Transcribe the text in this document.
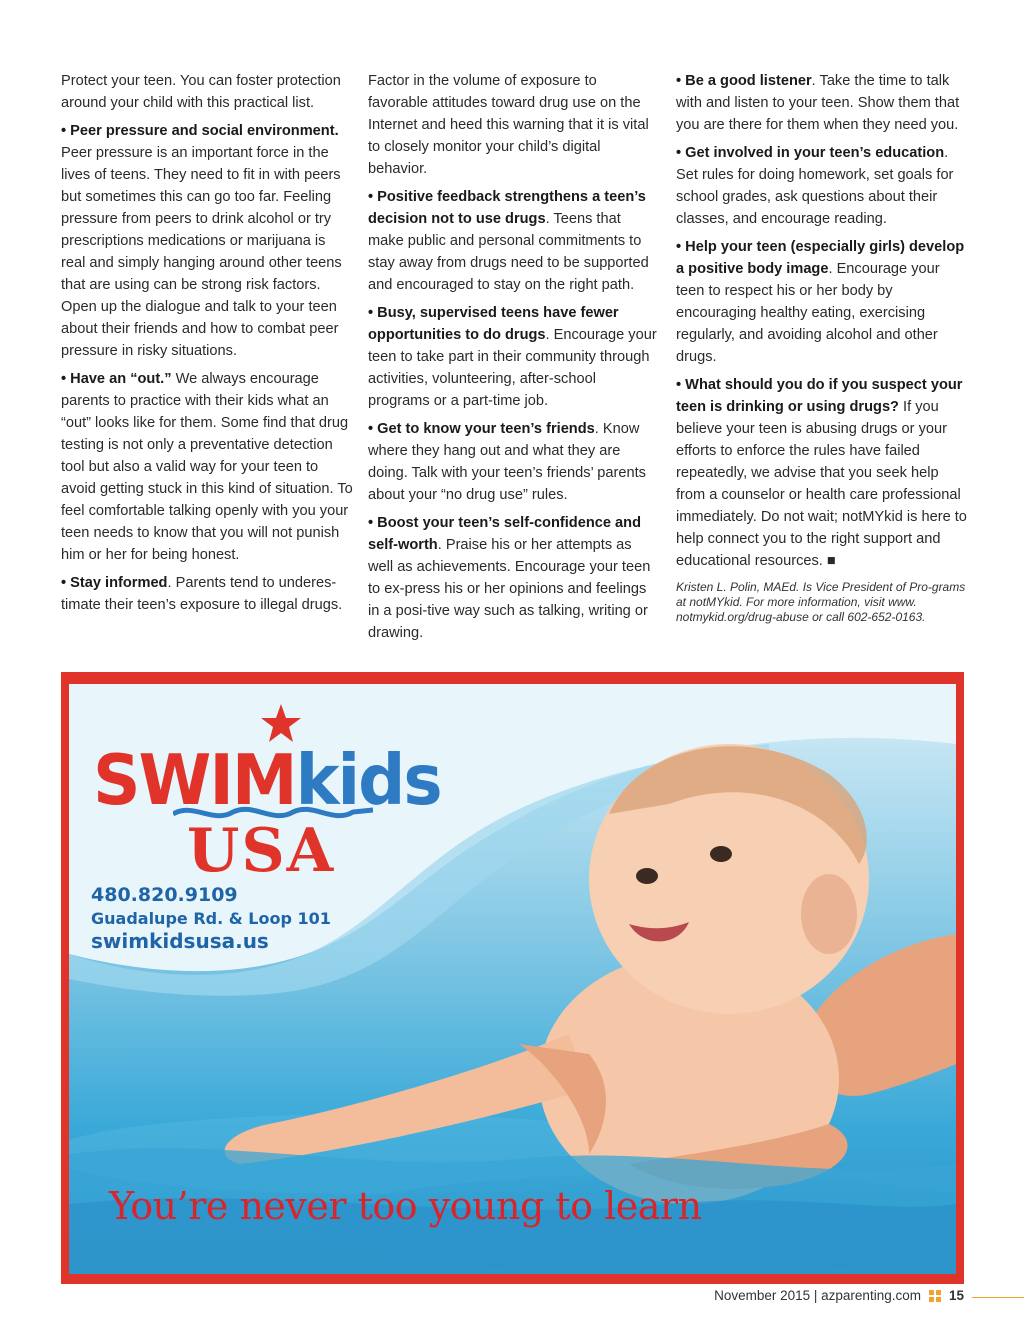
Protect your teen. You can foster protection around your child with this practical list.

• Peer pressure and social environment. Peer pressure is an important force in the lives of teens. They need to fit in with peers but sometimes this can go too far. Feeling pressure from peers to drink alcohol or try prescriptions medications or marijuana is real and simply hanging around other teens that are using can be strong risk factors. Open up the dialogue and talk to your teen about their friends and how to combat peer pressure in risky situations.

• Have an “out.” We always encourage parents to practice with their kids what an “out” looks like for them. Some find that drug testing is not only a preventative detection tool but also a valid way for your teen to avoid getting stuck in this kind of situation. To feel comfortable talking openly with you your teen needs to know that you will not punish him or her for being honest.

• Stay informed. Parents tend to underes-timate their teen’s exposure to illegal drugs.

Factor in the volume of exposure to favorable attitudes toward drug use on the Internet and heed this warning that it is vital to closely monitor your child’s digital behavior.

• Positive feedback strengthens a teen’s decision not to use drugs. Teens that make public and personal commitments to stay away from drugs need to be supported and encouraged to stay on the right path.

• Busy, supervised teens have fewer opportunities to do drugs. Encourage your teen to take part in their community through activities, volunteering, after-school programs or a part-time job.

• Get to know your teen’s friends. Know where they hang out and what they are doing. Talk with your teen’s friends’ parents about your “no drug use” rules.

• Boost your teen’s self-confidence and self-worth. Praise his or her attempts as well as achievements. Encourage your teen to ex-press his or her opinions and feelings in a posi-tive way such as talking, writing or drawing.

• Be a good listener. Take the time to talk with and listen to your teen. Show them that you are there for them when they need you.

• Get involved in your teen’s education. Set rules for doing homework, set goals for school grades, ask questions about their classes, and encourage reading.

• Help your teen (especially girls) develop a positive body image. Encourage your teen to respect his or her body by encouraging healthy eating, exercising regularly, and avoiding alcohol and other drugs.

• What should you do if you suspect your teen is drinking or using drugs? If you believe your teen is abusing drugs or your efforts to enforce the rules have failed repeatedly, we advise that you seek help from a counselor or health care professional immediately. Do not wait; notMYkid is here to help connect you to the right support and educational resources. ■

Kristen L. Polin, MAEd. Is Vice President of Pro-grams at notMYkid. For more information, visit www. notmykid.org/drug-abuse or call 602-652-0163.

SWIMkids
USA
480.820.9109
Guadalupe Rd. & Loop 101
swimkidsusa.us
You’re never too young to learn
November 2015 | azparenting.com 15
